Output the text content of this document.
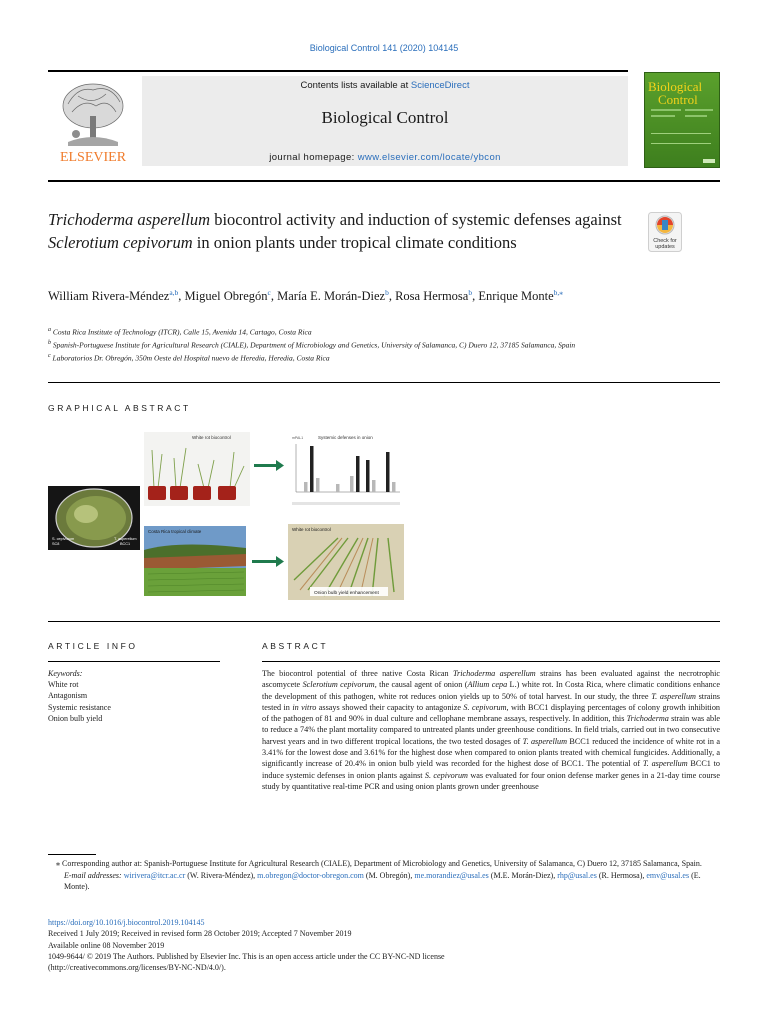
Biological Control 141 (2020) 104145
ELSEVIER
Contents lists available at ScienceDirect
Biological Control
journal homepage: www.elsevier.com/locate/ybcon
Biological
Control
Trichoderma asperellum biocontrol activity and induction of systemic defenses against Sclerotium cepivorum in onion plants under tropical climate conditions	Check for
updates
William Rivera-Méndez$^{a,b}$, Miguel Obregón$^c$, María E. Morán-Diez$^b$, Rosa Hermosa$^b$, Enrique Monte$^{b,⁎}$
$^a$ Costa Rica Institute of Technology (ITCR), Calle 15, Avenida 14, Cartago, Costa Rica
$^b$ Spanish-Portuguese Institute for Agricultural Research (CIALE), Department of Microbiology and Genetics, University of Salamanca, C) Duero 12, 37185 Salamanca, Spain
$^c$ Laboratorios Dr. Obregón, 350m Oeste del Hospital nuevo de Heredia, Heredia, Costa Rica
GRAPHICAL ABSTRACT
S. cepivorum
SC8
T. asperellum
BCC1
White rot biocontrol	Systemic defenses in onion
mPAL1
Costa Rica tropical climate	White rot biocontrol
Onion bulb yield enhancement
ARTICLE INFO	ABSTRACT
Keywords:
White rot
Antagonism
Systemic resistance
Onion bulb yield
The biocontrol potential of three native Costa Rican Trichoderma asperellum strains has been evaluated against the necrotrophic ascomycete Sclerotium cepivorum, the causal agent of onion (Allium cepa L.) white rot. In Costa Rica, where climatic conditions enhance the development of this pathogen, white rot reduces onion yields up to 50% of total harvest. In our study, the three T. asperellum strains tested in in vitro assays showed their capacity to antagonize S. cepivorum, with BCC1 displaying percentages of colony growth inhibition of the pathogen of 81 and 90% in dual culture and cellophane membrane assays, respectively. In addition, this Trichoderma strain was able to reduce a 74% the plant mortality compared to untreated plants under greenhouse conditions. In field trials, carried out in two consecutive harvest years and in two different tropical locations, the two tested dosages of T. asperellum BCC1 reduced the incidence of white rot in a 3.41% for the lowest dose and 3.61% for the highest dose when compared to onion plants treated with chemical fungicides. Additionally, a significantly increase of 20.4% in onion bulb yield was recorded for the highest dose of BCC1. The potential of T. asperellum BCC1 to induce systemic defenses in onion plants against S. cepivorum was evaluated for four onion defense marker genes in a 21-day time course study by quantitative real-time PCR and using onion plants grown under greenhouse
⁎ Corresponding author at: Spanish-Portuguese Institute for Agricultural Research (CIALE), Department of Microbiology and Genetics, University of Salamanca, C) Duero 12, 37185 Salamanca, Spain.
E-mail addresses: wirivera@itcr.ac.cr (W. Rivera-Méndez), m.obregon@doctor-obregon.com (M. Obregón), me.morandiez@usal.es (M.E. Morán-Diez), rhp@usal.es (R. Hermosa), emv@usal.es (E. Monte).
https://doi.org/10.1016/j.biocontrol.2019.104145
Received 1 July 2019; Received in revised form 28 October 2019; Accepted 7 November 2019
Available online 08 November 2019
1049-9644/ © 2019 The Authors. Published by Elsevier Inc. This is an open access article under the CC BY-NC-ND license
(http://creativecommons.org/licenses/BY-NC-ND/4.0/).
